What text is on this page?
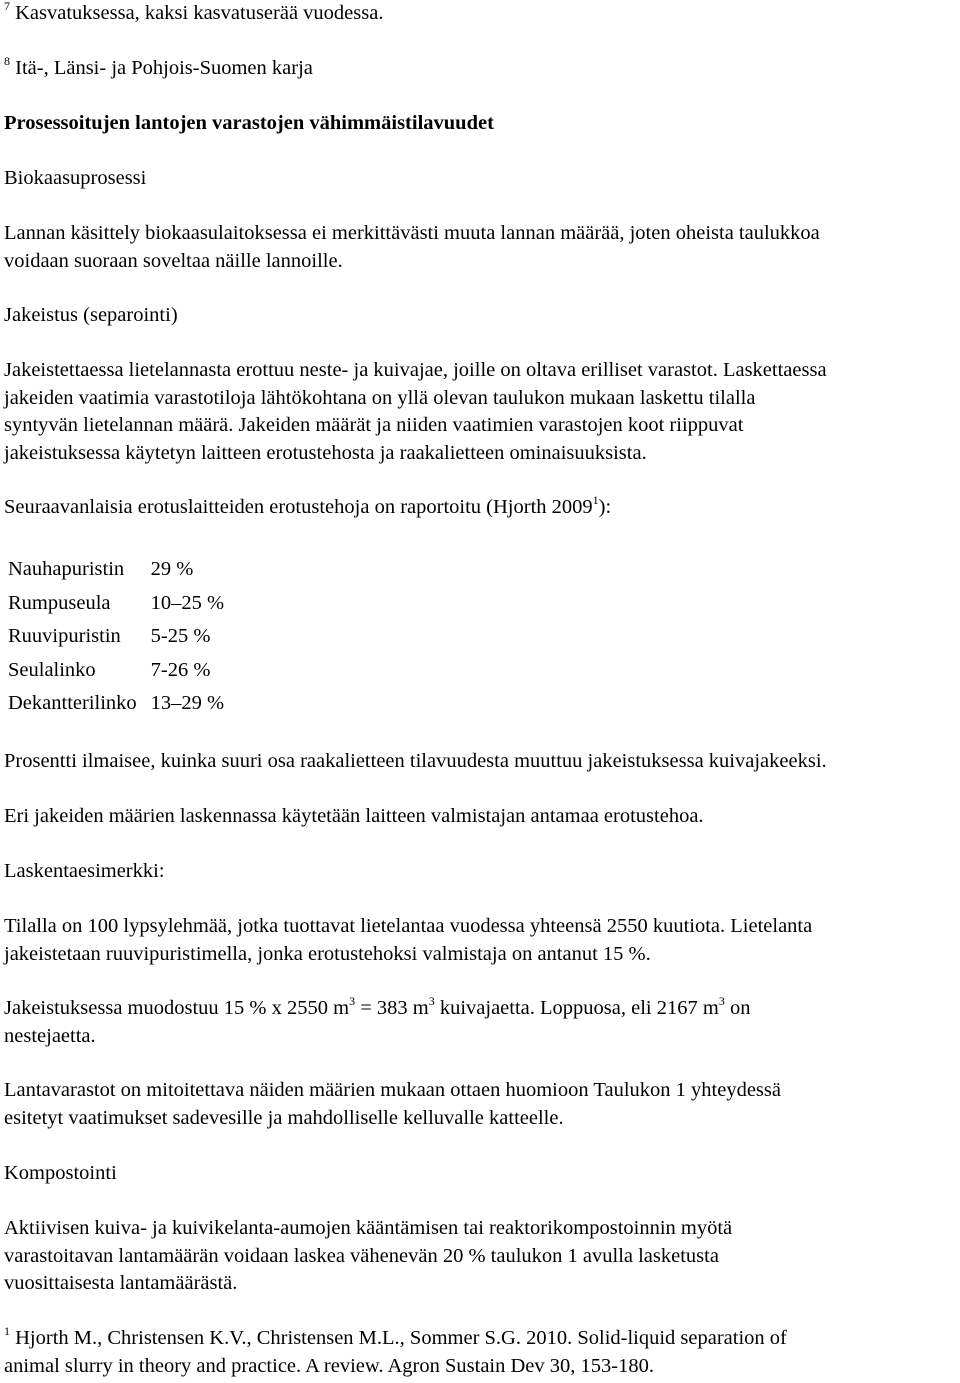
$^7$ Kasvatuksessa, kaksi kasvatuserää vuodessa.

$^8$ Itä-, Länsi- ja Pohjois-Suomen karja

Prosessoitujen lantojen varastojen vähimmäistilavuudet
Biokaasuprosessi

Lannan käsittely biokaasulaitoksessa ei merkittävästi muuta lannan määrää, joten oheista taulukkoa

voidaan suoraan soveltaa näille lannoille.

Jakeistus (separointi)

Jakeistettaessa lietelannasta erottuu neste- ja kuivajae, joille on oltava erilliset varastot. Laskettaessa

jakeiden vaatimia varastotiloja lähtökohtana on yllä olevan taulukon mukaan laskettu tilalla

syntyvän lietelannan määrä. Jakeiden määrät ja niiden vaatimien varastojen koot riippuvat

jakeistuksessa käytetyn laitteen erotustehosta ja raakalietteen ominaisuuksista.

Seuraavanlaisia erotuslaitteiden erotustehoja on raportoitu (Hjorth 2009$^1$):

Nauhapuristin	29 %
Rumpuseula	10–25 %
Ruuvipuristin	5-25 %
Seulalinko	7-26 %
Dekantterilinko	13–29 %
Prosentti ilmaisee, kuinka suuri osa raakalietteen tilavuudesta muuttuu jakeistuksessa kuivajakeeksi.
Eri jakeiden määrien laskennassa käytetään laitteen valmistajan antamaa erotustehoa.
Laskentaesimerkki:

Tilalla on 100 lypsylehmää, jotka tuottavat lietelantaa vuodessa yhteensä 2550 kuutiota. Lietelanta

jakeistetaan ruuvipuristimella, jonka erotustehoksi valmistaja on antanut 15 %.

Jakeistuksessa muodostuu 15 % x 2550 $m^3 = 383$ $m^3$ kuivajaetta. Loppuosa, eli 2167 $m^3$ on

nestejaetta.

Lantavarastot on mitoitettava näiden määrien mukaan ottaen huomioon Taulukon 1 yhteydessä

esitetyt vaatimukset sadevesille ja mahdolliselle kelluvalle katteelle.

Kompostointi

Aktiivisen kuiva- ja kuivikelanta-aumojen kääntämisen tai reaktorikompostoinnin myötä

varastoitavan lantamäärän voidaan laskea vähenevän 20 % taulukon 1 avulla lasketusta

vuosittaisesta lantamäärästä.

$^1$ Hjorth M., Christensen K.V., Christensen M.L., Sommer S.G. 2010. Solid-liquid separation of

animal slurry in theory and practice. A review. Agron Sustain Dev 30, 153-180.
